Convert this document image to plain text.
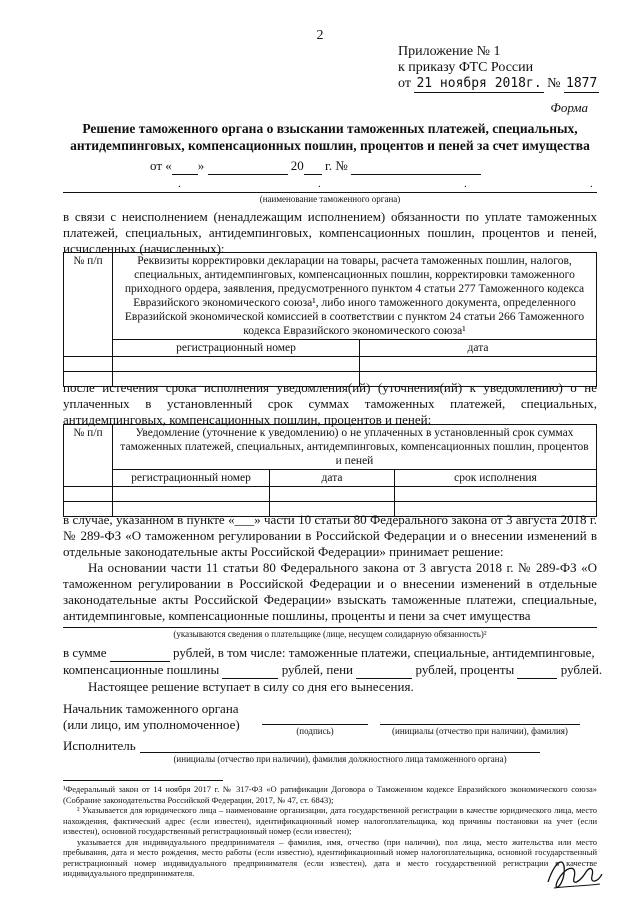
2
Приложение № 1
к приказу ФТС России
от 21 ноября 2018г. № 1877
Форма
Решение таможенного органа о взыскании таможенных платежей, специальных,
антидемпинговых, компенсационных пошлин, процентов и пеней за счет имущества
от « »	20 г. №
.	.	.	.
(наименование таможенного органа)
в связи с неисполнением (ненадлежащим исполнением) обязанности по уплате таможенных платежей, специальных, антидемпинговых, компенсационных пошлин, процентов и пеней, исчисленных (начисленных):
№ п/п	Реквизиты корректировки декларации на товары, расчета таможенных пошлин, налогов, специальных, антидемпинговых, компенсационных пошлин, корректировки таможенного приходного ордера, заявления, предусмотренного пунктом 4 статьи 277 Таможенного кодекса Евразийского экономического союза¹, либо иного таможенного документа, определенного Евразийской экономической комиссией в соответствии с пунктом 24 статьи 266 Таможенного кодекса Евразийского экономического союза¹	
	регистрационный номер	дата

после истечения срока исполнения уведомления(ий) (уточнения(ий) к уведомлению) о не уплаченных в установленный срок суммах таможенных платежей, специальных, антидемпинговых, компенсационных пошлин, процентов и пеней:
№ п/п	Уведомление (уточнение к уведомлению) о не уплаченных в установленный срок суммах таможенных платежей, специальных, антидемпинговых, компенсационных пошлин, процентов и пеней		
	регистрационный номер	дата	срок исполнения

в случае, указанном в пункте «___» части 10 статьи 80 Федерального закона от 3 августа 2018 г. № 289-ФЗ «О таможенном регулировании в Российской Федерации и о внесении изменений в отдельные законодательные акты Российской Федерации» принимает решение:
На основании части 11 статьи 80 Федерального закона от 3 августа 2018 г. № 289-ФЗ «О таможенном регулировании в Российской Федерации и о внесении изменений в отдельные законодательные акты Российской Федерации» взыскать таможенные платежи, специальные, антидемпинговые, компенсационные пошлины, проценты и пени за счет имущества
(указываются сведения о плательщике (лице, несущем солидарную обязанность)²
в сумме	рублей, в том числе: таможенные платежи, специальные, антидемпинговые,
компенсационные пошлины	рублей, пени	рублей, проценты	рублей.
Настоящее решение вступает в силу со дня его вынесения.
Начальник таможенного органа
(или лицо, им уполномоченное)	(подпись)	(инициалы (отчество при наличии), фамилия)
Исполнитель
(инициалы (отчество при наличии), фамилия должностного лица таможенного органа)
¹Федеральный закон от 14 ноября 2017 г. № 317-ФЗ «О ратификации Договора о Таможенном кодексе Евразийского экономического союза» (Собрание законодательства Российской Федерации, 2017, № 47, ст. 6843);
² Указывается для юридического лица – наименование организации, дата государственной регистрации в качестве юридического лица, место нахождения, фактический адрес (если известен), идентификационный номер налогоплательщика, код причины постановки на учет (если известен), основной государственный регистрационный номер (если известен);
указывается для индивидуального предпринимателя – фамилия, имя, отчество (при наличии), пол лица, место жительства или место пребывания, дата и место рождения, место работы (если известно), идентификационный номер налогоплательщика, основной государственный регистрационный номер индивидуального предпринимателя (если известен), дата и место государственной регистрации в качестве индивидуального предпринимателя.
